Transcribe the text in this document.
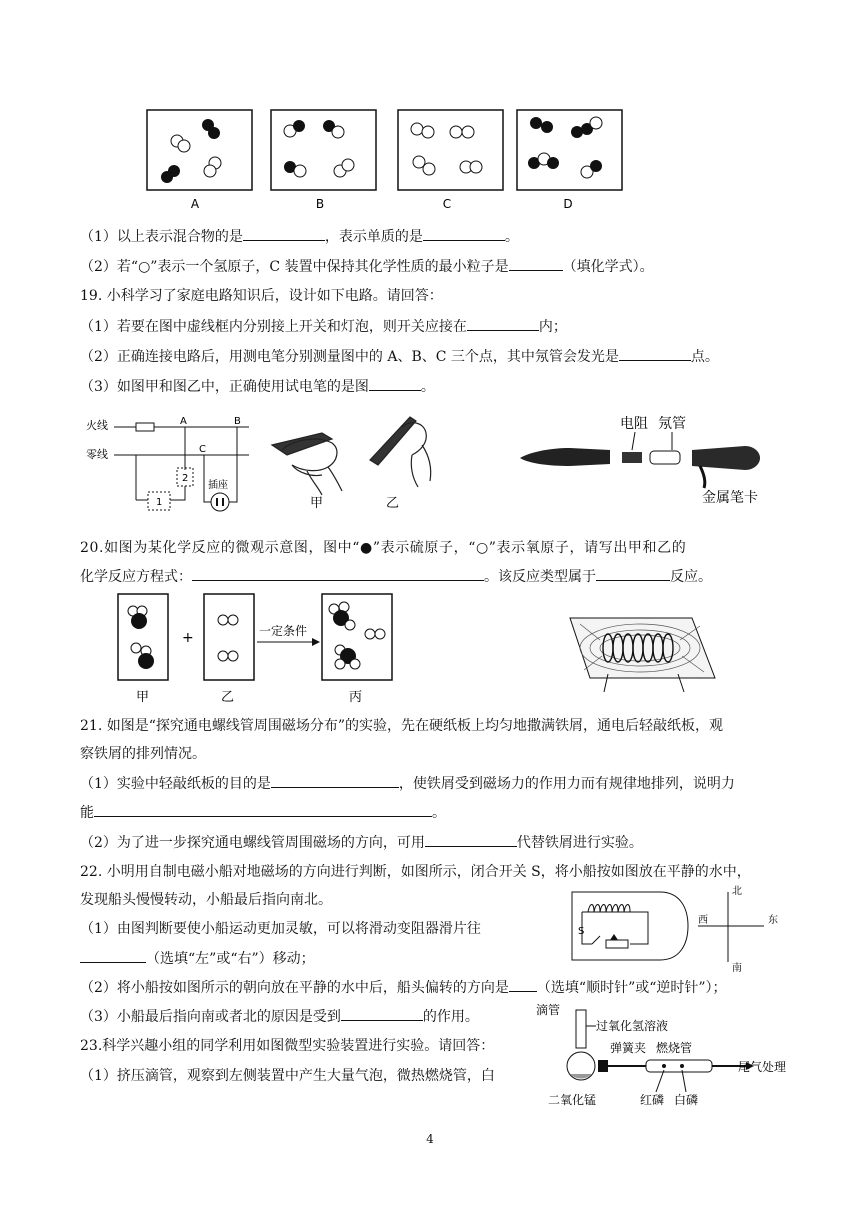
A	B	C	D
（1）以上表示混合物的是	，表示单质的是	。
（2）若“○”表示一个氢原子，C 装置中保持其化学性质的最小粒子是	（填化学式）。
19. 小科学习了家庭电路知识后，设计如下电路。请回答：
（1）若要在图中虚线框内分别接上开关和灯泡，则开关应接在	内；
（2）正确连接电路后，用测电笔分别测量图中的 A、B、C 三个点，其中氖管会发光是	点。
（3）如图甲和图乙中，正确使用试电笔的是图	。
火线
零线
A	B
C
2
1
插座
甲	乙
电阻 氖管
金属笔卡
20.如图为某化学反应的微观示意图，图中“●”表示硫原子，“○”表示氧原子，请写出甲和乙的
化学反应方程式：	。该反应类型属于	反应。
+	一定条件
甲	乙	丙
21. 如图是“探究通电螺线管周围磁场分布”的实验，先在硬纸板上均匀地撒满铁屑，通电后轻敲纸板，观
察铁屑的排列情况。
（1）实验中轻敲纸板的目的是	，使铁屑受到磁场力的作用力而有规律地排列，说明力
能	。
（2）为了进一步探究通电螺线管周围磁场的方向，可用	代替铁屑进行实验。
22. 小明用自制电磁小船对地磁场的方向进行判断，如图所示，闭合开关 S，将小船按如图放在平静的水中，
发现船头慢慢转动，小船最后指向南北。
（1）由图判断要使小船运动更加灵敏，可以将滑动变阻器滑片往
（选填“左”或“右”）移动；
（2）将小船按如图所示的朝向放在平静的水中后，船头偏转的方向是 （选填“顺时针”或“逆时针”）；
（3）小船最后指向南或者北的原因是受到	的作用。
S
北
南
西	东
23.科学兴趣小组的同学利用如图微型实验装置进行实验。请回答：
（1）挤压滴管，观察到左侧装置中产生大量气泡，微热燃烧管，白
滴管
过氧化氢溶液
弹簧夹 燃烧管
尾气处理
二氧化锰	红磷 白磷
4
